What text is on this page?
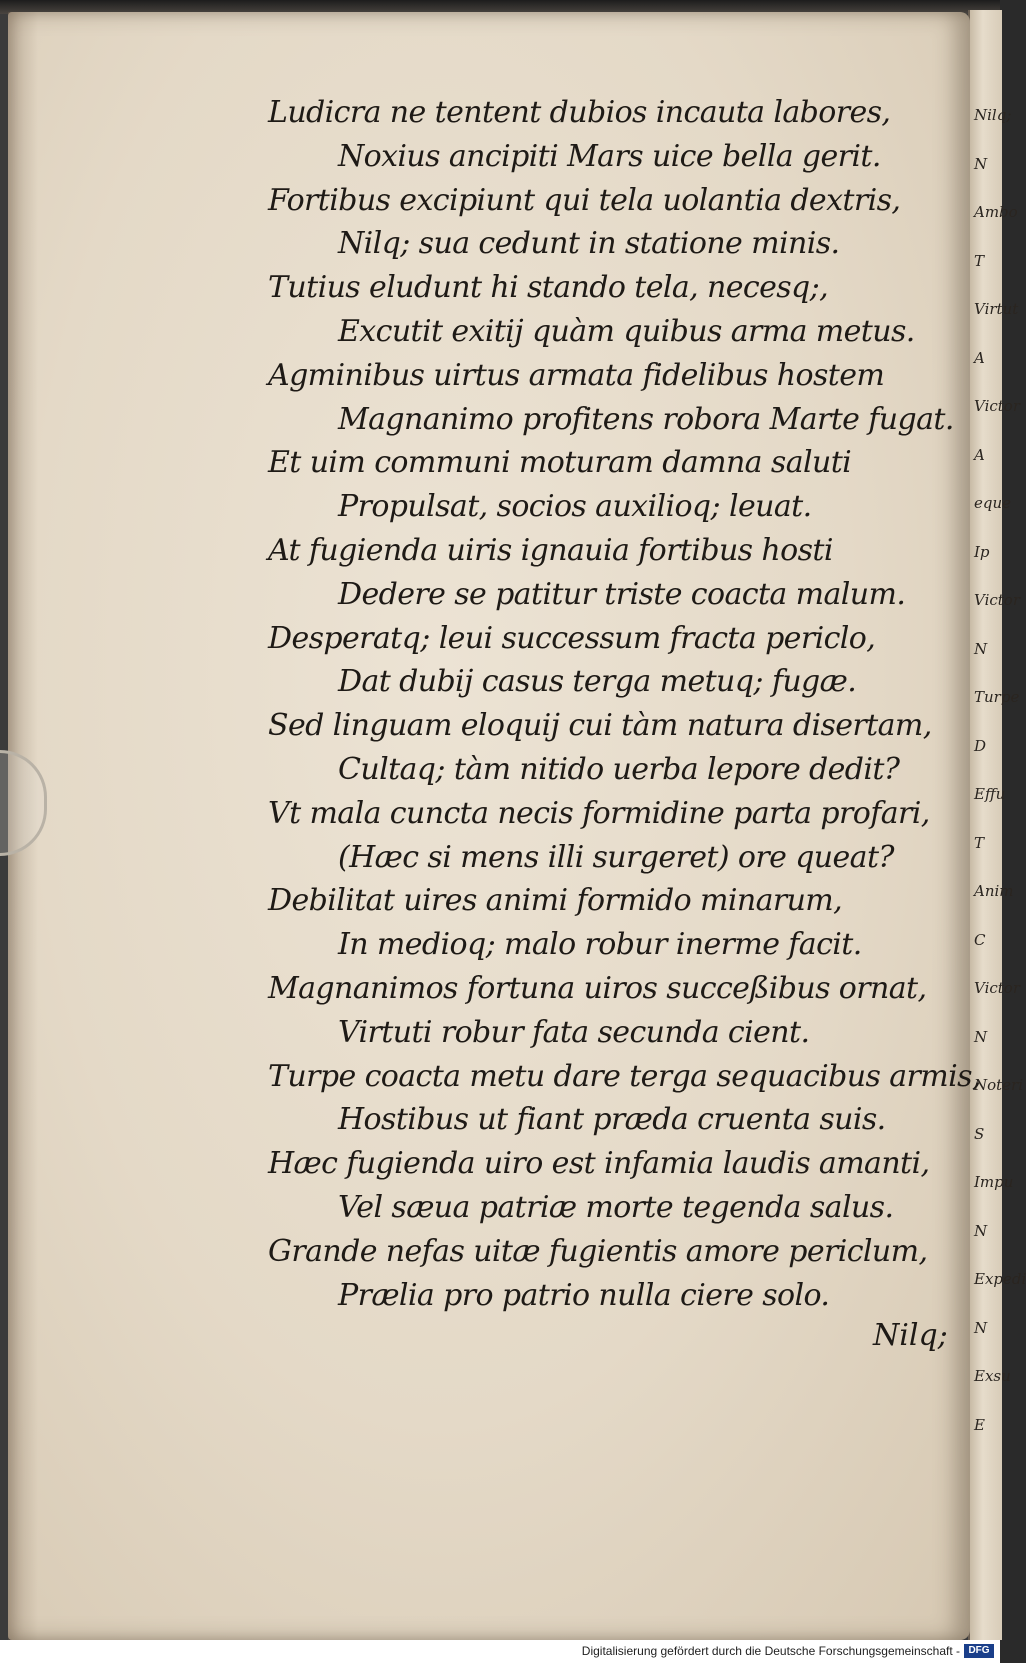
Nilq;
N
Ambo
T
Virtut
A
Victor
A
eque
Ip
Victor
N
Turpe
D
Effu
T
Anim
C
Victor
N
Noteri
S
Impu
N
Expedi
N
Exsu
E
Ludicra ne tentent dubios incauta labores,
Noxius ancipiti Mars uice bella gerit.
Fortibus excipiunt qui tela uolantia dextris,
Nilq; sua cedunt in statione minis.
Tutius eludunt hi stando tela, necesq;,
Excutit exitij quàm quibus arma metus.
Agminibus uirtus armata fidelibus hostem
Magnanimo profitens robora Marte fugat.
Et uim communi moturam damna saluti
Propulsat, socios auxilioq; leuat.
At fugienda uiris ignauia fortibus hosti
Dedere se patitur triste coacta malum.
Desperatq; leui successum fracta periclo,
Dat dubij casus terga metuq; fugæ.
Sed linguam eloquij cui tàm natura disertam,
Cultaq; tàm nitido uerba lepore dedit?
Vt mala cuncta necis formidine parta profari,
(Hæc si mens illi surgeret) ore queat?
Debilitat uires animi formido minarum,
In medioq; malo robur inerme facit.
Magnanimos fortuna uiros succeßibus ornat,
Virtuti robur fata secunda cient.
Turpe coacta metu dare terga sequacibus armis,
Hostibus ut fiant præda cruenta suis.
Hæc fugienda uiro est infamia laudis amanti,
Vel sæua patriæ morte tegenda salus.
Grande nefas uitæ fugientis amore periclum,
Prælia pro patrio nulla ciere solo.
Nilq;
Digitalisierung gefördert durch die Deutsche Forschungsgemeinschaft - DFG
